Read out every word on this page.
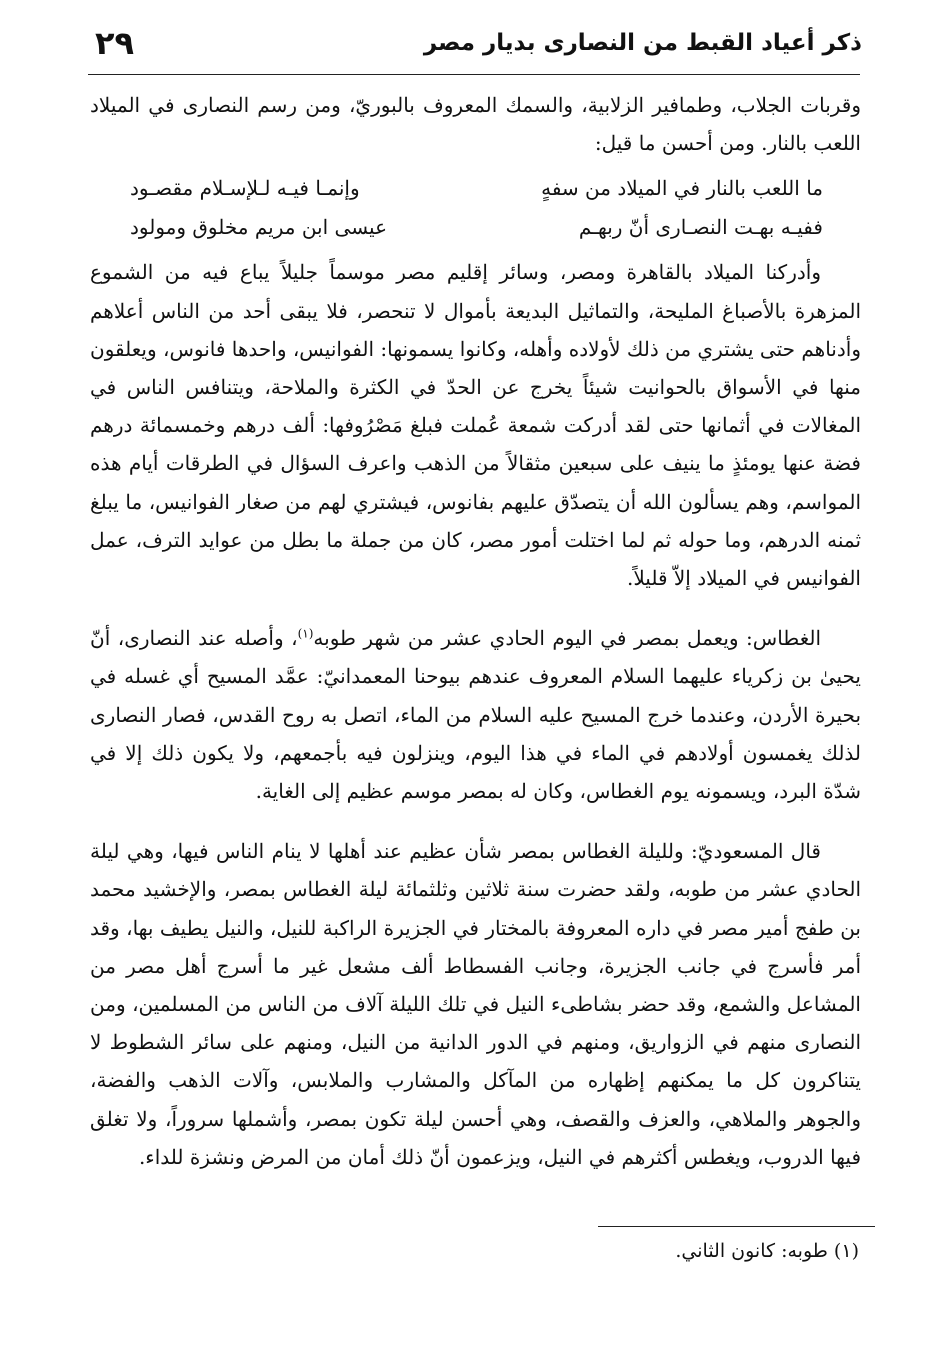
ذكر أعياد القبط من النصارى بديار مصر
٢٩

وقربات الجلاب، وطمافير الزلابية، والسمك المعروف بالبوريّ، ومن رسم النصارى في الميلاد اللعب بالنار. ومن أحسن ما قيل:

ما اللعب بالنار في الميلاد من سفهٍ
وإنمـا فيـه لـلإسـلام مقصـود
ففيـه بهـت النصـارى أنّ ربهـم
عيسى ابن مريم مخلوق ومولود

وأدركنا الميلاد بالقاهرة ومصر، وسائر إقليم مصر موسماً جليلاً يباع فيه من الشموع المزهرة بالأصباغ المليحة، والتماثيل البديعة بأموال لا تنحصر، فلا يبقى أحد من الناس أعلاهم وأدناهم حتى يشتري من ذلك لأولاده وأهله، وكانوا يسمونها: الفوانيس، واحدها فانوس، ويعلقون منها في الأسواق بالحوانيت شيئاً يخرج عن الحدّ في الكثرة والملاحة، ويتنافس الناس في المغالات في أثمانها حتى لقد أدركت شمعة عُملت فبلغ مَصْرُوفها: ألف درهم وخمسمائة درهم فضة عنها يومئذٍ ما ينيف على سبعين مثقالاً من الذهب واعرف السؤال في الطرقات أيام هذه المواسم، وهم يسألون الله أن يتصدّق عليهم بفانوس، فيشتري لهم من صغار الفوانيس، ما يبلغ ثمنه الدرهم، وما حوله ثم لما اختلت أمور مصر، كان من جملة ما بطل من عوايد الترف، عمل الفوانيس في الميلاد إلاّ قليلاً.

الغطاس: ويعمل بمصر في اليوم الحادي عشر من شهر طوبه$^{(١)}$، وأصله عند النصارى، أنّ يحيىٰ بن زكرياء عليهما السلام المعروف عندهم بيوحنا المعمدانيّ: عمَّد المسيح أي غسله في بحيرة الأردن، وعندما خرج المسيح عليه السلام من الماء، اتصل به روح القدس، فصار النصارى لذلك يغمسون أولادهم في الماء في هذا اليوم، وينزلون فيه بأجمعهم، ولا يكون ذلك إلا في شدّة البرد، ويسمونه يوم الغطاس، وكان له بمصر موسم عظيم إلى الغاية.

قال المسعوديّ: ولليلة الغطاس بمصر شأن عظيم عند أهلها لا ينام الناس فيها، وهي ليلة الحادي عشر من طوبه، ولقد حضرت سنة ثلاثين وثلثمائة ليلة الغطاس بمصر، والإخشيد محمد بن طفج أمير مصر في داره المعروفة بالمختار في الجزيرة الراكبة للنيل، والنيل يطيف بها، وقد أمر فأسرج في جانب الجزيرة، وجانب الفسطاط ألف مشعل غير ما أسرج أهل مصر من المشاعل والشمع، وقد حضر بشاطىء النيل في تلك الليلة آلاف من الناس من المسلمين، ومن النصارى منهم في الزواريق، ومنهم في الدور الدانية من النيل، ومنهم على سائر الشطوط لا يتناكرون كل ما يمكنهم إظهاره من المآكل والمشارب والملابس، وآلات الذهب والفضة، والجوهر والملاهي، والعزف والقصف، وهي أحسن ليلة تكون بمصر، وأشملها سروراً، ولا تغلق فيها الدروب، ويغطس أكثرهم في النيل، ويزعمون أنّ ذلك أمان من المرض ونشزة للداء.

(١) طوبه: كانون الثاني.
